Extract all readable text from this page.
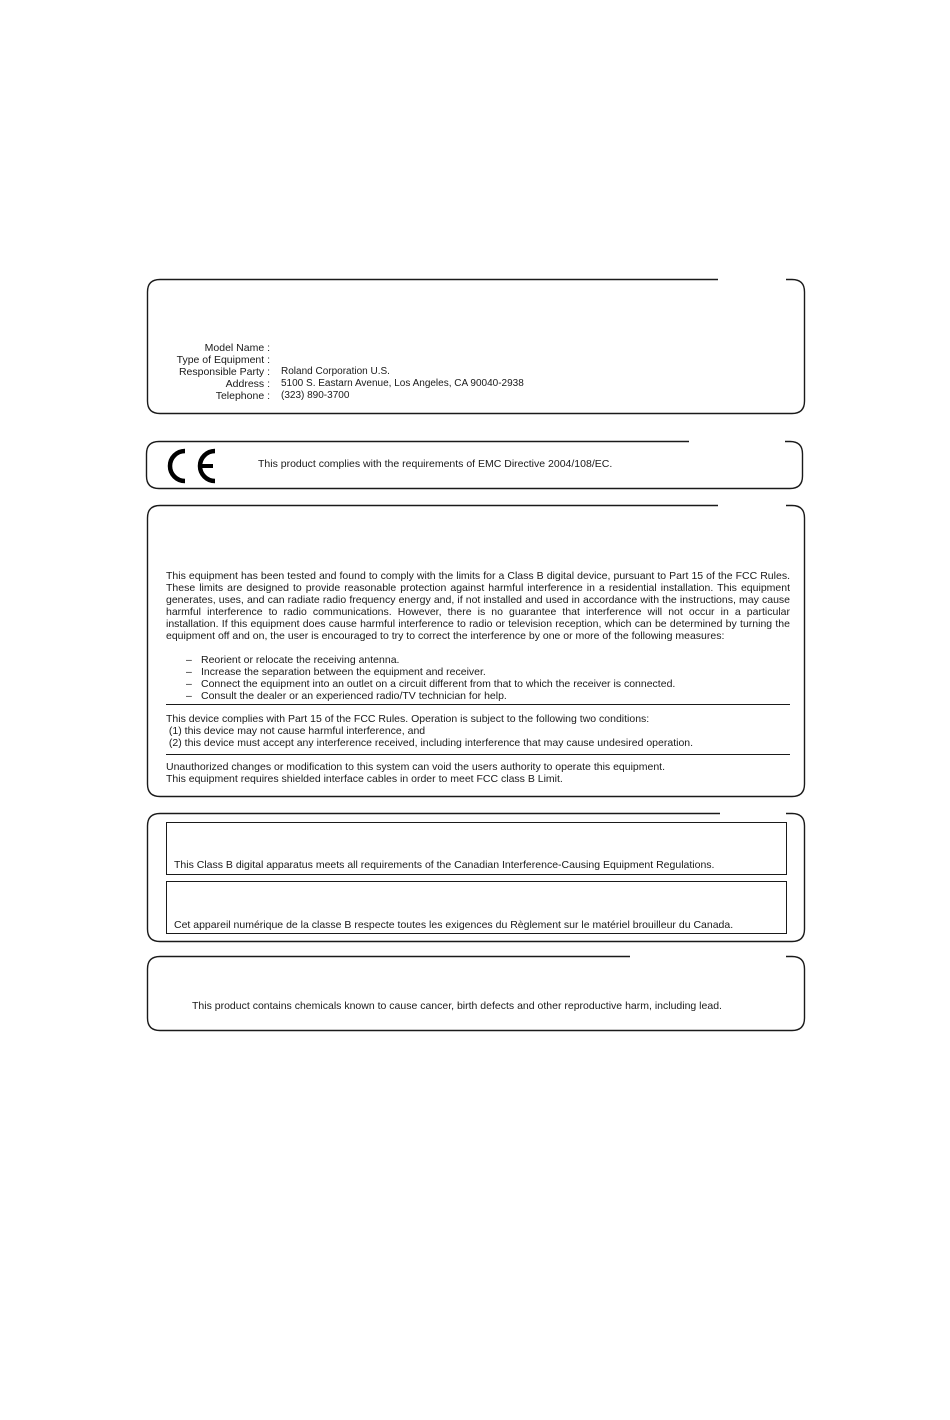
Model Name :
Type of Equipment :
Responsible Party : Roland Corporation U.S.
Address : 5100 S. Eastarn Avenue, Los Angeles, CA 90040-2938
Telephone : (323) 890-3700
This product complies with the requirements of EMC Directive 2004/108/EC.
This equipment has been tested and found to comply with the limits for a Class B digital device, pursuant to Part 15 of the FCC Rules. These limits are designed to provide reasonable protection against harmful interference in a residential installation. This equipment generates, uses, and can radiate radio frequency energy and, if not installed and used in accordance with the instructions, may cause harmful interference to radio communications. However, there is no guarantee that interference will not occur in a particular installation. If this equipment does cause harmful interference to radio or television reception, which can be determined by turning the equipment off and on, the user is encouraged to try to correct the interference by one or more of the following measures:
– Reorient or relocate the receiving antenna.
– Increase the separation between the equipment and receiver.
– Connect the equipment into an outlet on a circuit different from that to which the receiver is connected.
– Consult the dealer or an experienced radio/TV technician for help.
This device complies with Part 15 of the FCC Rules. Operation is subject to the following two conditions:
(1) this device may not cause harmful interference, and
(2) this device must accept any interference received, including interference that may cause undesired operation.
Unauthorized changes or modification to this system can void the users authority to operate this equipment.
This equipment requires shielded interface cables in order to meet FCC class B Limit.
This Class B digital apparatus meets all requirements of the Canadian Interference-Causing Equipment Regulations.
Cet appareil numérique de la classe B respecte toutes les exigences du Règlement sur le matériel brouilleur du Canada.
This product contains chemicals known to cause cancer, birth defects and other reproductive harm, including lead.
